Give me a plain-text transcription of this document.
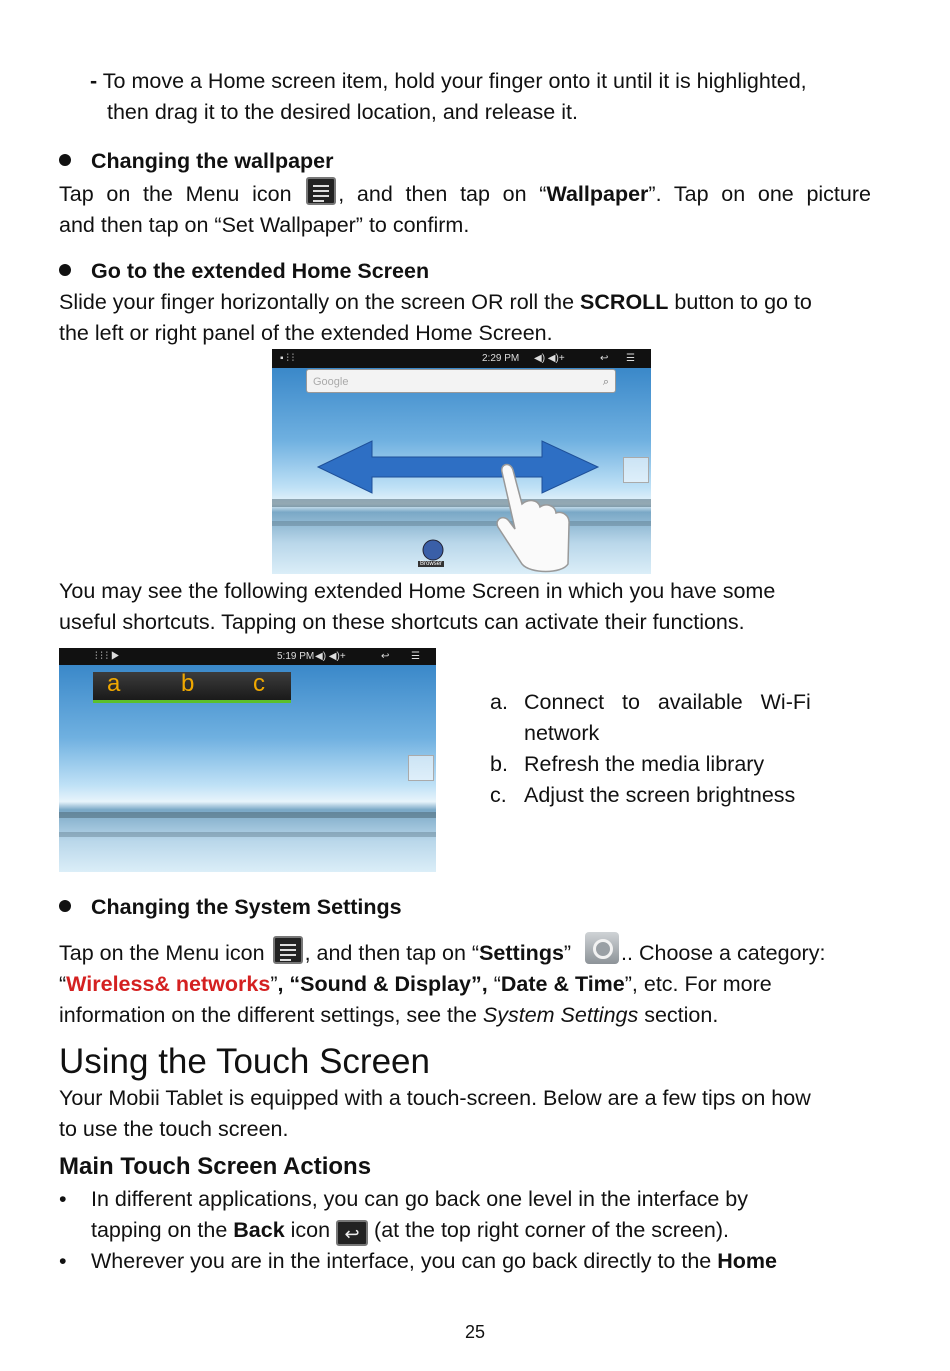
- To move a Home screen item, hold your finger onto it until it is highlighted,
then drag it to the desired location, and release it.
Changing the wallpaper
Tap on the Menu icon , and then tap on “Wallpaper”. Tap on one picture
and then tap on “Set Wallpaper” to confirm.
Go to the extended Home Screen
Slide your finger horizontally on the screen OR roll the SCROLL button to go to
the left or right panel of the extended Home Screen.
▪ ⫶ ⫶	2:29 PM ◀) ◀)+	↩ ☰
Google	⌕
Browser
You may see the following extended Home Screen in which you have some
useful shortcuts. Tapping on these shortcuts can activate their functions.
⫶ ⫶ ⫶ ▶	5:19 PM ◀) ◀)+	↩ ☰
a	b c
a. Connect   to   available   Wi-Fi
network
b. Refresh the media library
c. Adjust the screen brightness
Changing the System Settings
Tap on the Menu icon
, and then tap on “Settings” .. Choose a category:
“Wireless& networks”, “Sound & Display”, “Date & Time”, etc. For more
information on the different settings, see the System Settings section.
Using the Touch Screen
Your Mobii Tablet is equipped with a touch-screen. Below are a few tips on how
to use the touch screen.
Main Touch Screen Actions
• In different applications, you can go back one level in the interface by
tapping on the Back icon ↩ (at the top right corner of the screen).
• Wherever you are in the interface, you can go back directly to the Home
25
